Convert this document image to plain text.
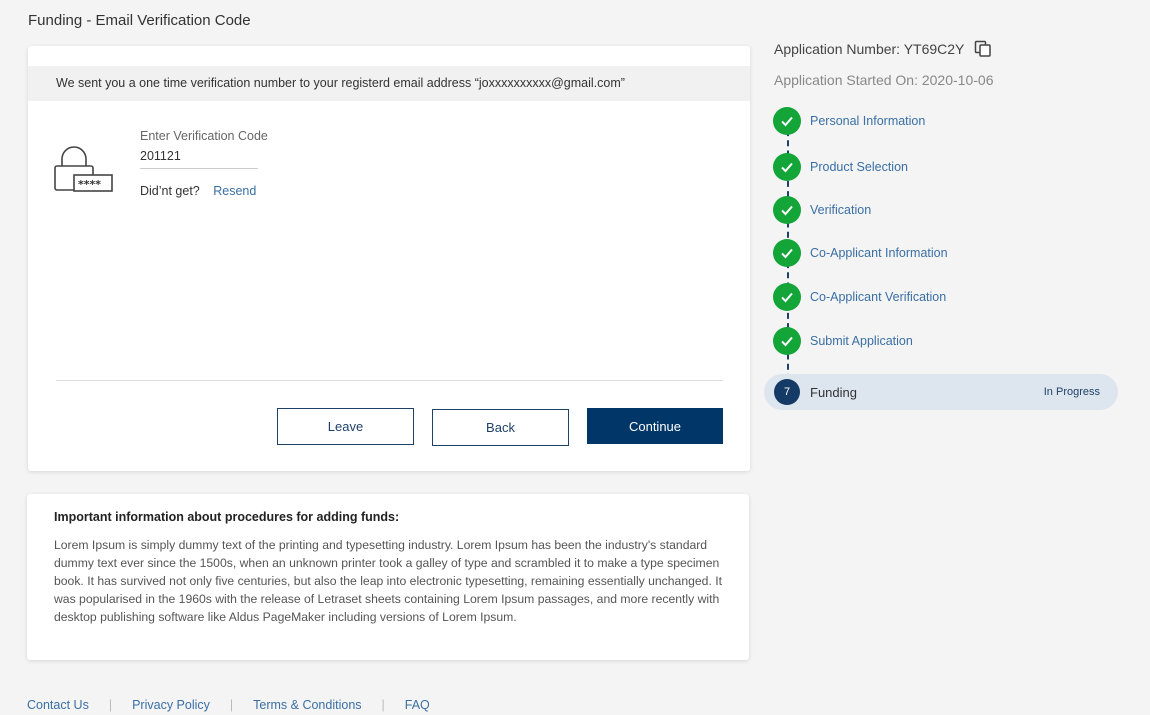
Funding - Email Verification Code
We sent you a one time verification number to your registerd email address “joxxxxxxxxxx@gmail.com”
****
Enter Verification Code
201121
Did’nt get? Resend
Leave	Back	Continue
Important information about procedures for adding funds:
Lorem Ipsum is simply dummy text of the printing and typesetting industry. Lorem Ipsum has been the industry's standard dummy text ever since the 1500s, when an unknown printer took a galley of type and scrambled it to make a type specimen book. It has survived not only five centuries, but also the leap into electronic typesetting, remaining essentially unchanged. It was popularised in the 1960s with the release of Letraset sheets containing Lorem Ipsum passages, and more recently with desktop publishing software like Aldus PageMaker including versions of Lorem Ipsum.
Contact Us | Privacy Policy | Terms & Conditions | FAQ
Application Number: YT69C2Y
Application Started On: 2020-10-06
Personal Information
Product Selection
Verification
Co-Applicant Information
Co-Applicant Verification
Submit Application
7	Funding	In Progress
